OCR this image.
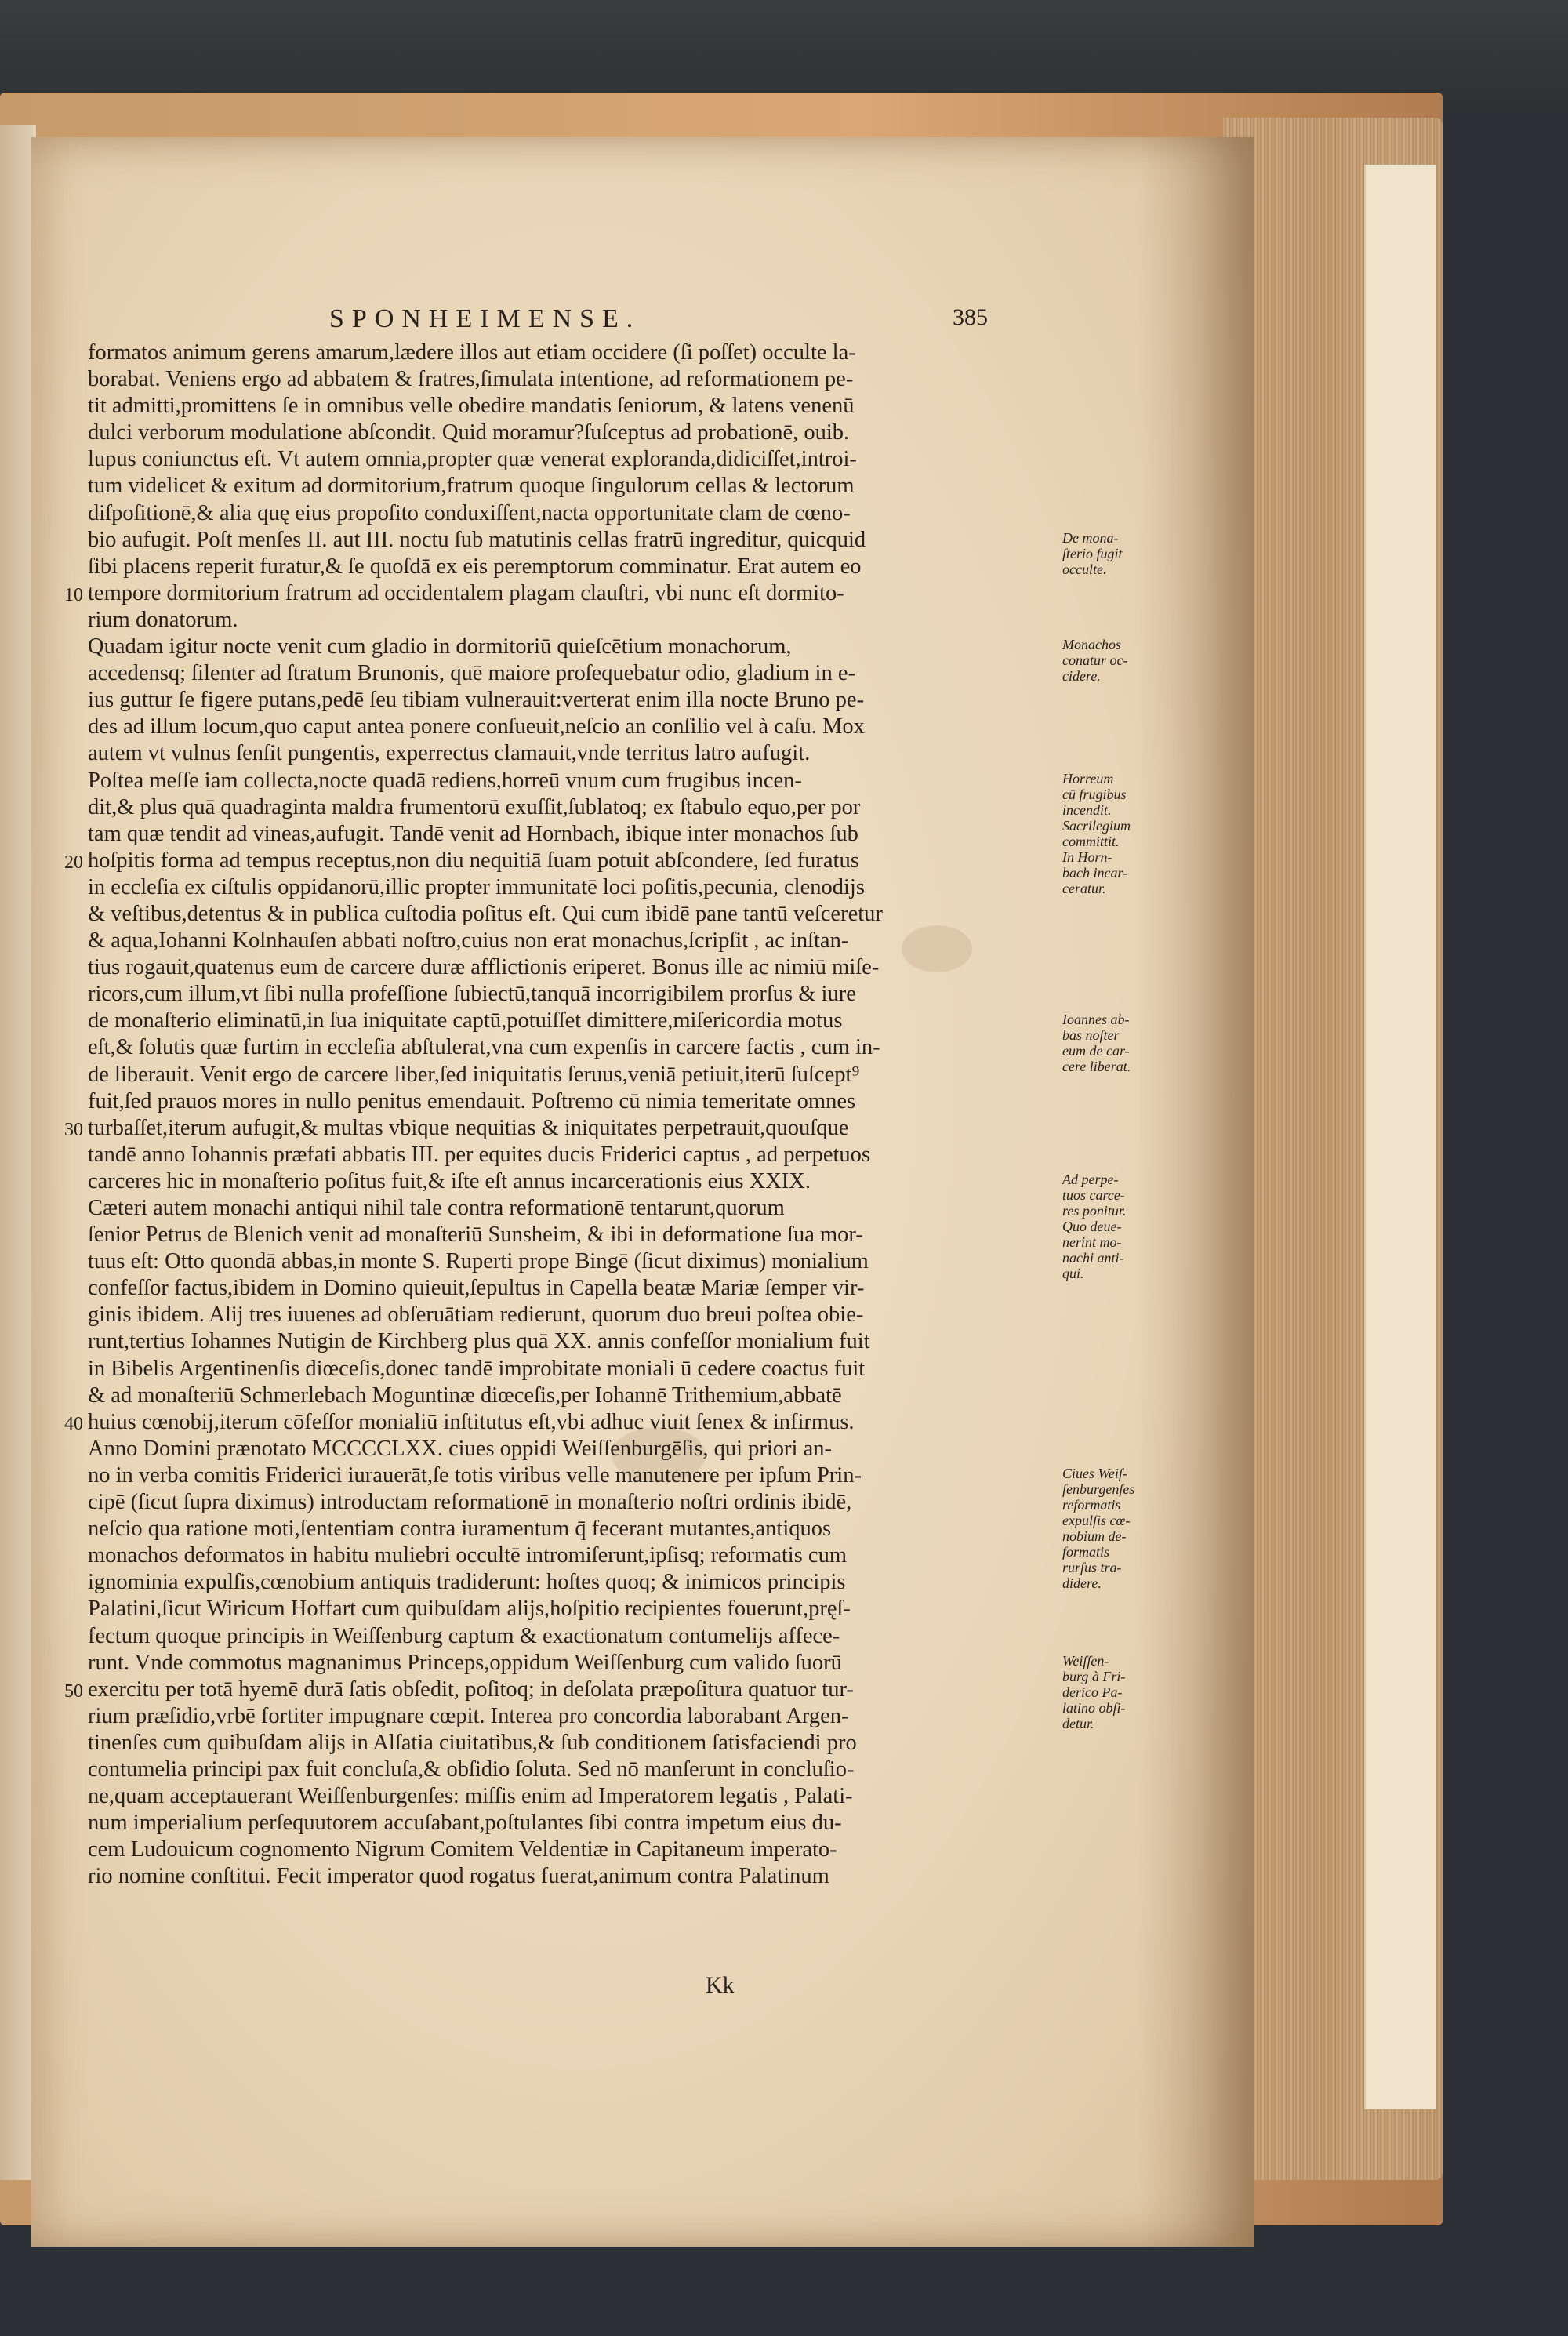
SPONHEIMENSE.	385
formatos animum gerens amarum,lædere illos aut etiam occidere (ſi poſſet) occulte la-
borabat. Veniens ergo ad abbatem & fratres,ſimulata intentione, ad reformationem pe-
tit admitti,promittens ſe in omnibus velle obedire mandatis ſeniorum, & latens venenū
dulci verborum modulatione abſcondit. Quid moramur?ſuſceptus ad probationē, ouib.
lupus coniunctus eſt. Vt autem omnia,propter quæ venerat exploranda,didiciſſet,introi-
tum videlicet & exitum ad dormitorium,fratrum quoque ſingulorum cellas & lectorum
diſpoſitionē,& alia quę eius propoſito conduxiſſent,nacta opportunitate clam de cœno-
bio aufugit. Poſt menſes II. aut III. noctu ſub matutinis cellas fratrū ingreditur, quicquid
ſibi placens reperit furatur,& ſe quoſdā ex eis peremptorum comminatur. Erat autem eo
tempore dormitorium fratrum ad occidentalem plagam clauſtri, vbi nunc eſt dormito-
rium donatorum.
Quadam igitur nocte venit cum gladio in dormitoriū quieſcētium monachorum,
accedensq; ſilenter ad ſtratum Brunonis, quē maiore proſequebatur odio, gladium in e-
ius guttur ſe figere putans,pedē ſeu tibiam vulnerauit:verterat enim illa nocte Bruno pe-
des ad illum locum,quo caput antea ponere conſueuit,neſcio an conſilio vel à caſu. Mox
autem vt vulnus ſenſit pungentis, experrectus clamauit,vnde territus latro aufugit.
Poſtea meſſe iam collecta,nocte quadā rediens,horreū vnum cum frugibus incen-
dit,& plus quā quadraginta maldra frumentorū exuſſit,ſublatoq; ex ſtabulo equo,per por
tam quæ tendit ad vineas,aufugit. Tandē venit ad Hornbach, ibique inter monachos ſub
hoſpitis forma ad tempus receptus,non diu nequitiā ſuam potuit abſcondere, ſed furatus
in eccleſia ex ciſtulis oppidanorū,illic propter immunitatē loci poſitis,pecunia, clenodijs
& veſtibus,detentus & in publica cuſtodia poſitus eſt. Qui cum ibidē pane tantū veſceretur
& aqua,Iohanni Kolnhauſen abbati noſtro,cuius non erat monachus,ſcripſit , ac inſtan-
tius rogauit,quatenus eum de carcere duræ afflictionis eriperet. Bonus ille ac nimiū miſe-
ricors,cum illum,vt ſibi nulla profeſſione ſubiectū,tanquā incorrigibilem prorſus & iure
de monaſterio eliminatū,in ſua iniquitate captū,potuiſſet dimittere,miſericordia motus
eſt,& ſolutis quæ furtim in eccleſia abſtulerat,vna cum expenſis in carcere factis , cum in-
de liberauit. Venit ergo de carcere liber,ſed iniquitatis ſeruus,veniā petiuit,iterū ſuſcept⁹
fuit,ſed prauos mores in nullo penitus emendauit. Poſtremo cū nimia temeritate omnes
turbaſſet,iterum aufugit,& multas vbique nequitias & iniquitates perpetrauit,quouſque
tandē anno Iohannis præfati abbatis III. per equites ducis Friderici captus , ad perpetuos
carceres hic in monaſterio poſitus fuit,& iſte eſt annus incarcerationis eius XXIX.
Cæteri autem monachi antiqui nihil tale contra reformationē tentarunt,quorum
ſenior Petrus de Blenich venit ad monaſteriū Sunsheim, & ibi in deformatione ſua mor-
tuus eſt: Otto quondā abbas,in monte S. Ruperti prope Bingē (ſicut diximus) monialium
confeſſor factus,ibidem in Domino quieuit,ſepultus in Capella beatæ Mariæ ſemper vir-
ginis ibidem. Alij tres iuuenes ad obſeruātiam redierunt, quorum duo breui poſtea obie-
runt,tertius Iohannes Nutigin de Kirchberg plus quā XX. annis confeſſor monialium fuit
in Bibelis Argentinenſis diœceſis,donec tandē improbitate moniali ū cedere coactus fuit
& ad monaſteriū Schmerlebach Moguntinæ diœceſis,per Iohannē Trithemium,abbatē
huius cœnobij,iterum cōfeſſor monialiū inſtitutus eſt,vbi adhuc viuit ſenex & infirmus.
Anno Domini prænotato MCCCCLXX. ciues oppidi Weiſſenburgēſis, qui priori an-
no in verba comitis Friderici iurauerāt,ſe totis viribus velle manutenere per ipſum Prin-
cipē (ſicut ſupra diximus) introductam reformationē in monaſterio noſtri ordinis ibidē,
neſcio qua ratione moti,ſententiam contra iuramentum q̄ fecerant mutantes,antiquos
monachos deformatos in habitu muliebri occultē intromiſerunt,ipſisq; reformatis cum
ignominia expulſis,cœnobium antiquis tradiderunt: hoſtes quoq; & inimicos principis
Palatini,ſicut Wiricum Hoffart cum quibuſdam alijs,hoſpitio recipientes fouerunt,pręſ-
fectum quoque principis in Weiſſenburg captum & exactionatum contumelijs affece-
runt. Vnde commotus magnanimus Princeps,oppidum Weiſſenburg cum valido ſuorū
exercitu per totā hyemē durā ſatis obſedit, poſitoq; in deſolata præpoſitura quatuor tur-
rium præſidio,vrbē fortiter impugnare cœpit. Interea pro concordia laborabant Argen-
tinenſes cum quibuſdam alijs in Alſatia ciuitatibus,& ſub conditionem ſatisfaciendi pro
contumelia principi pax fuit concluſa,& obſidio ſoluta. Sed nō manſerunt in concluſio-
ne,quam acceptauerant Weiſſenburgenſes: miſſis enim ad Imperatorem legatis , Palati-
num imperialium perſequutorem accuſabant,poſtulantes ſibi contra impetum eius du-
cem Ludouicum cognomento Nigrum Comitem Veldentiæ in Capitaneum imperato-
rio nomine conſtitui. Fecit imperator quod rogatus fuerat,animum contra Palatinum
De mona-
ſterio fugit
occulte.
Monachos
conatur oc-
cidere.
Horreum
cū frugibus
incendit.
Sacrilegium
committit.
In Horn-
bach incar-
ceratur.
Ioannes ab-
bas noſter
eum de car-
cere liberat.
Ad perpe-
tuos carce-
res ponitur.
Quo deue-
nerint mo-
nachi anti-
qui.
Ciues Weiſ-
ſenburgenſes
reformatis
expulſis cœ-
nobium de-
formatis
rurſus tra-
didere.
Weiſſen-
burg à Fri-
derico Pa-
latino obſi-
detur.
10
20
30
40
50
Kk
